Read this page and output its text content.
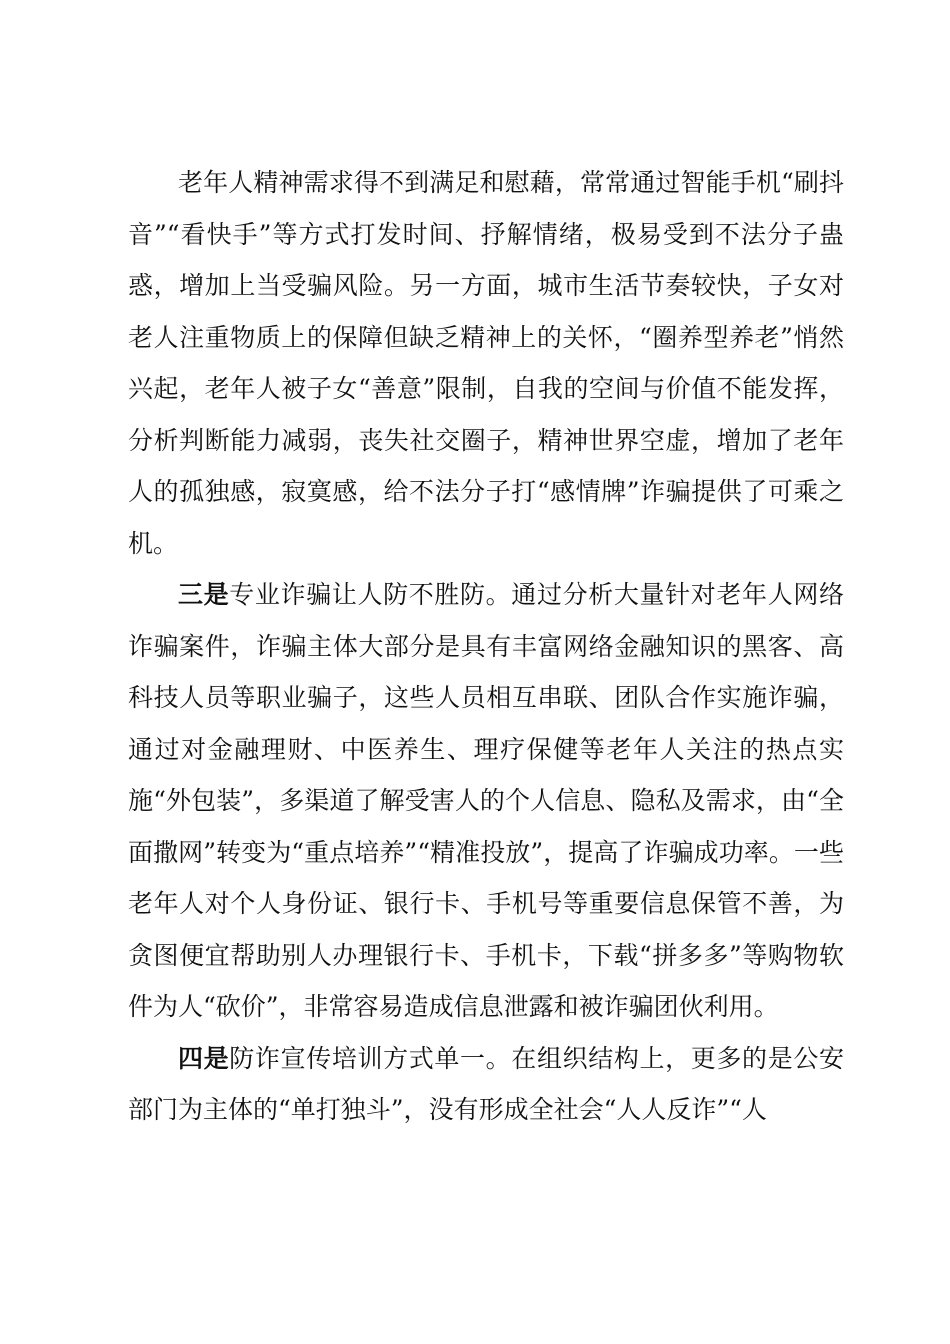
老年人精神需求得不到满足和慰藉，常常通过智能手机“刷抖音”“看快手”等方式打发时间、抒解情绪，极易受到不法分子蛊惑，增加上当受骗风险。另一方面，城市生活节奏较快，子女对老人注重物质上的保障但缺乏精神上的关怀，“圈养型养老”悄然兴起，老年人被子女“善意”限制，自我的空间与价值不能发挥，分析判断能力减弱，丧失社交圈子，精神世界空虚，增加了老年人的孤独感，寂寞感，给不法分子打“感情牌”诈骗提供了可乘之机。

三是专业诈骗让人防不胜防。通过分析大量针对老年人网络诈骗案件，诈骗主体大部分是具有丰富网络金融知识的黑客、高科技人员等职业骗子，这些人员相互串联、团队合作实施诈骗，通过对金融理财、中医养生、理疗保健等老年人关注的热点实施“外包装”，多渠道了解受害人的个人信息、隐私及需求，由“全面撒网”转变为“重点培养”“精准投放”，提高了诈骗成功率。一些老年人对个人身份证、银行卡、手机号等重要信息保管不善，为贪图便宜帮助别人办理银行卡、手机卡，下载“拼多多”等购物软件为人“砍价”，非常容易造成信息泄露和被诈骗团伙利用。

四是防诈宣传培训方式单一。在组织结构上，更多的是公安部门为主体的“单打独斗”，没有形成全社会“人人反诈”“人
